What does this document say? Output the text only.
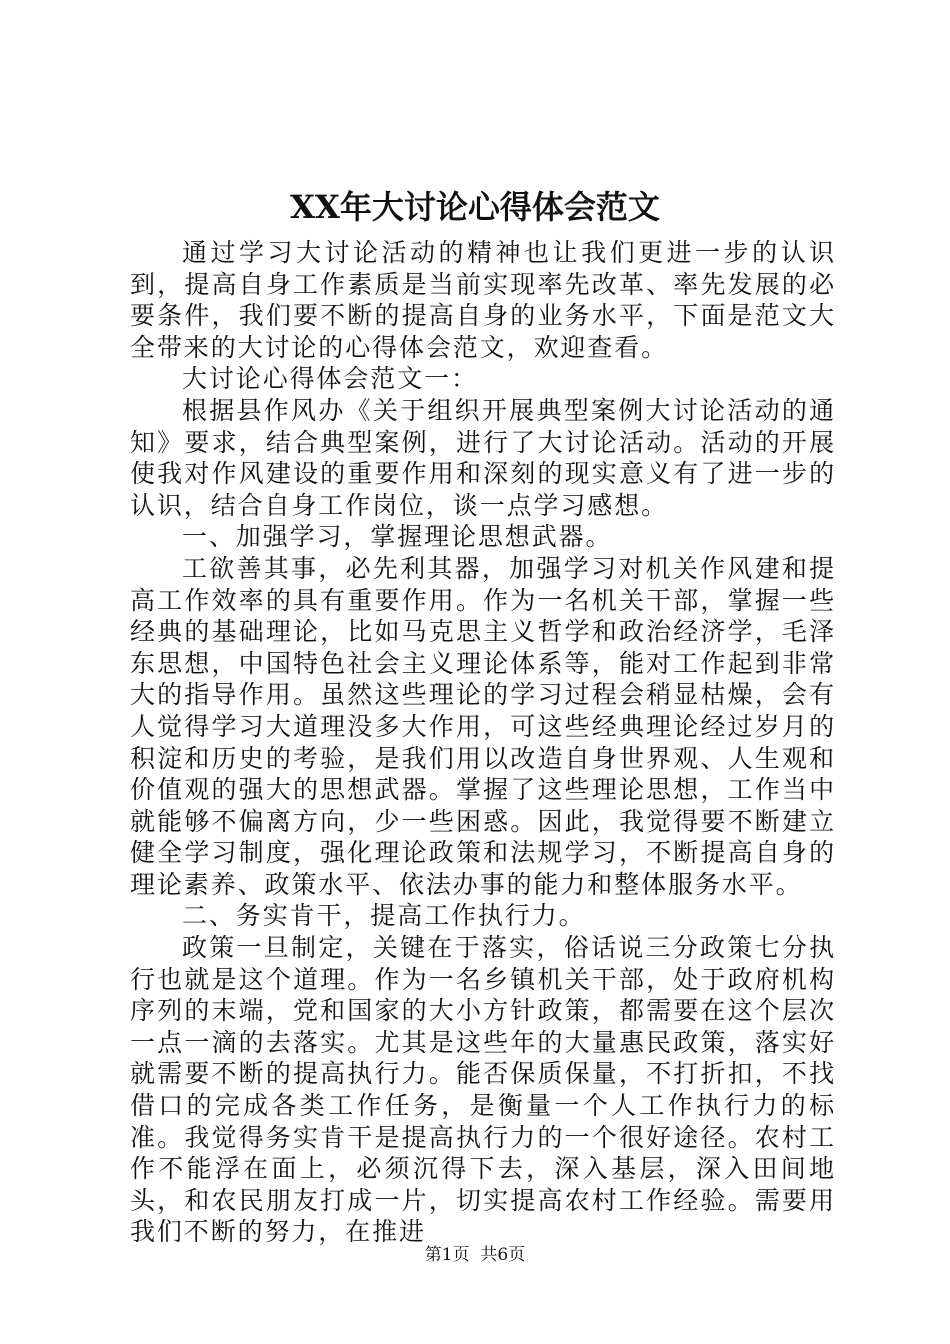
XX年大讨论心得体会范文

通过学习大讨论活动的精神也让我们更进一步的认识到，提高自身工作素质是当前实现率先改革、率先发展的必要条件，我们要不断的提高自身的业务水平，下面是范文大全带来的大讨论的心得体会范文，欢迎查看。

大讨论心得体会范文一：

根据县作风办《关于组织开展典型案例大讨论活动的通知》要求，结合典型案例，进行了大讨论活动。活动的开展使我对作风建设的重要作用和深刻的现实意义有了进一步的认识，结合自身工作岗位，谈一点学习感想。

一、加强学习，掌握理论思想武器。

工欲善其事，必先利其器，加强学习对机关作风建和提高工作效率的具有重要作用。作为一名机关干部，掌握一些经典的基础理论，比如马克思主义哲学和政治经济学，毛泽东思想，中国特色社会主义理论体系等，能对工作起到非常大的指导作用。虽然这些理论的学习过程会稍显枯燥，会有人觉得学习大道理没多大作用，可这些经典理论经过岁月的积淀和历史的考验，是我们用以改造自身世界观、人生观和价值观的强大的思想武器。掌握了这些理论思想，工作当中就能够不偏离方向，少一些困惑。因此，我觉得要不断建立健全学习制度，强化理论政策和法规学习，不断提高自身的理论素养、政策水平、依法办事的能力和整体服务水平。

二、务实肯干，提高工作执行力。

政策一旦制定，关键在于落实，俗话说三分政策七分执行也就是这个道理。作为一名乡镇机关干部，处于政府机构序列的末端，党和国家的大小方针政策，都需要在这个层次一点一滴的去落实。尤其是这些年的大量惠民政策，落实好就需要不断的提高执行力。能否保质保量，不打折扣，不找借口的完成各类工作任务，是衡量一个人工作执行力的标准。我觉得务实肯干是提高执行力的一个很好途径。农村工作不能浮在面上，必须沉得下去，深入基层，深入田间地头，和农民朋友打成一片，切实提高农村工作经验。需要用我们不断的努力，在推进

第1页 共6页
